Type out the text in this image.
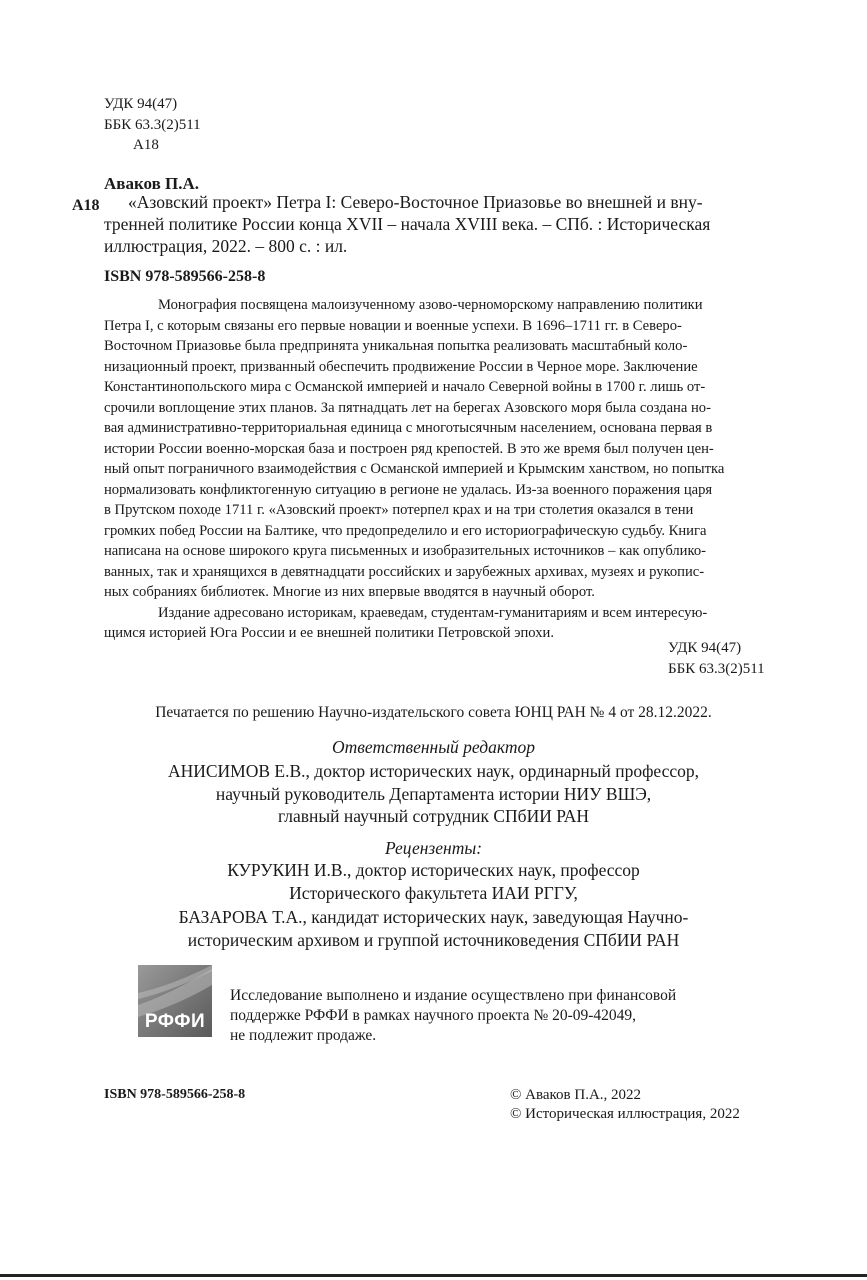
УДК 94(47)
ББК 63.3(2)511
А18
Аваков П.А.
А18	«Азовский проект» Петра I: Северо-Восточное Приазовье во внешней и вну-
тренней политике России конца XVII – начала XVIII века. – СПб. : Историческая
иллюстрация, 2022. – 800 с. : ил.
ISBN 978-589566-258-8
Монография посвящена малоизученному азово-черноморскому направлению политики
Петра I, с которым связаны его первые новации и военные успехи. В 1696–1711 гг. в Северо-
Восточном Приазовье была предпринята уникальная попытка реализовать масштабный коло-
низационный проект, призванный обеспечить продвижение России в Черное море. Заключение
Константинопольского мира с Османской империей и начало Северной войны в 1700 г. лишь от-
срочили воплощение этих планов. За пятнадцать лет на берегах Азовского моря была создана но-
вая административно-территориальная единица с многотысячным населением, основана первая в
истории России военно-морская база и построен ряд крепостей. В это же время был получен цен-
ный опыт пограничного взаимодействия с Османской империей и Крымским ханством, но попытка
нормализовать конфликтогенную ситуацию в регионе не удалась. Из-за военного поражения царя
в Прутском походе 1711 г. «Азовский проект» потерпел крах и на три столетия оказался в тени
громких побед России на Балтике, что предопределило и его историографическую судьбу. Книга
написана на основе широкого круга письменных и изобразительных источников – как опублико-
ванных, так и хранящихся в девятнадцати российских и зарубежных архивах, музеях и рукопис-
ных собраниях библиотек. Многие из них впервые вводятся в научный оборот.
Издание адресовано историкам, краеведам, студентам-гуманитариям и всем интересую-
щимся историей Юга России и ее внешней политики Петровской эпохи.
УДК 94(47)
ББК 63.3(2)511
Печатается по решению Научно-издательского совета ЮНЦ РАН № 4 от 28.12.2022.
Ответственный редактор
АНИСИМОВ Е.В., доктор исторических наук, ординарный профессор,
научный руководитель Департамента истории НИУ ВШЭ,
главный научный сотрудник СПбИИ РАН
Рецензенты:
КУРУКИН И.В., доктор исторических наук, профессор
Исторического факультета ИАИ РГГУ,
БАЗАРОВА Т.А., кандидат исторических наук, заведующая Научно-
историческим архивом и группой источниковедения СПбИИ РАН
РФФИ
Исследование выполнено и издание осуществлено при финансовой
поддержке РФФИ в рамках научного проекта № 20-09-42049,
не подлежит продаже.
ISBN 978-589566-258-8	© Аваков П.А., 2022
© Историческая иллюстрация, 2022
